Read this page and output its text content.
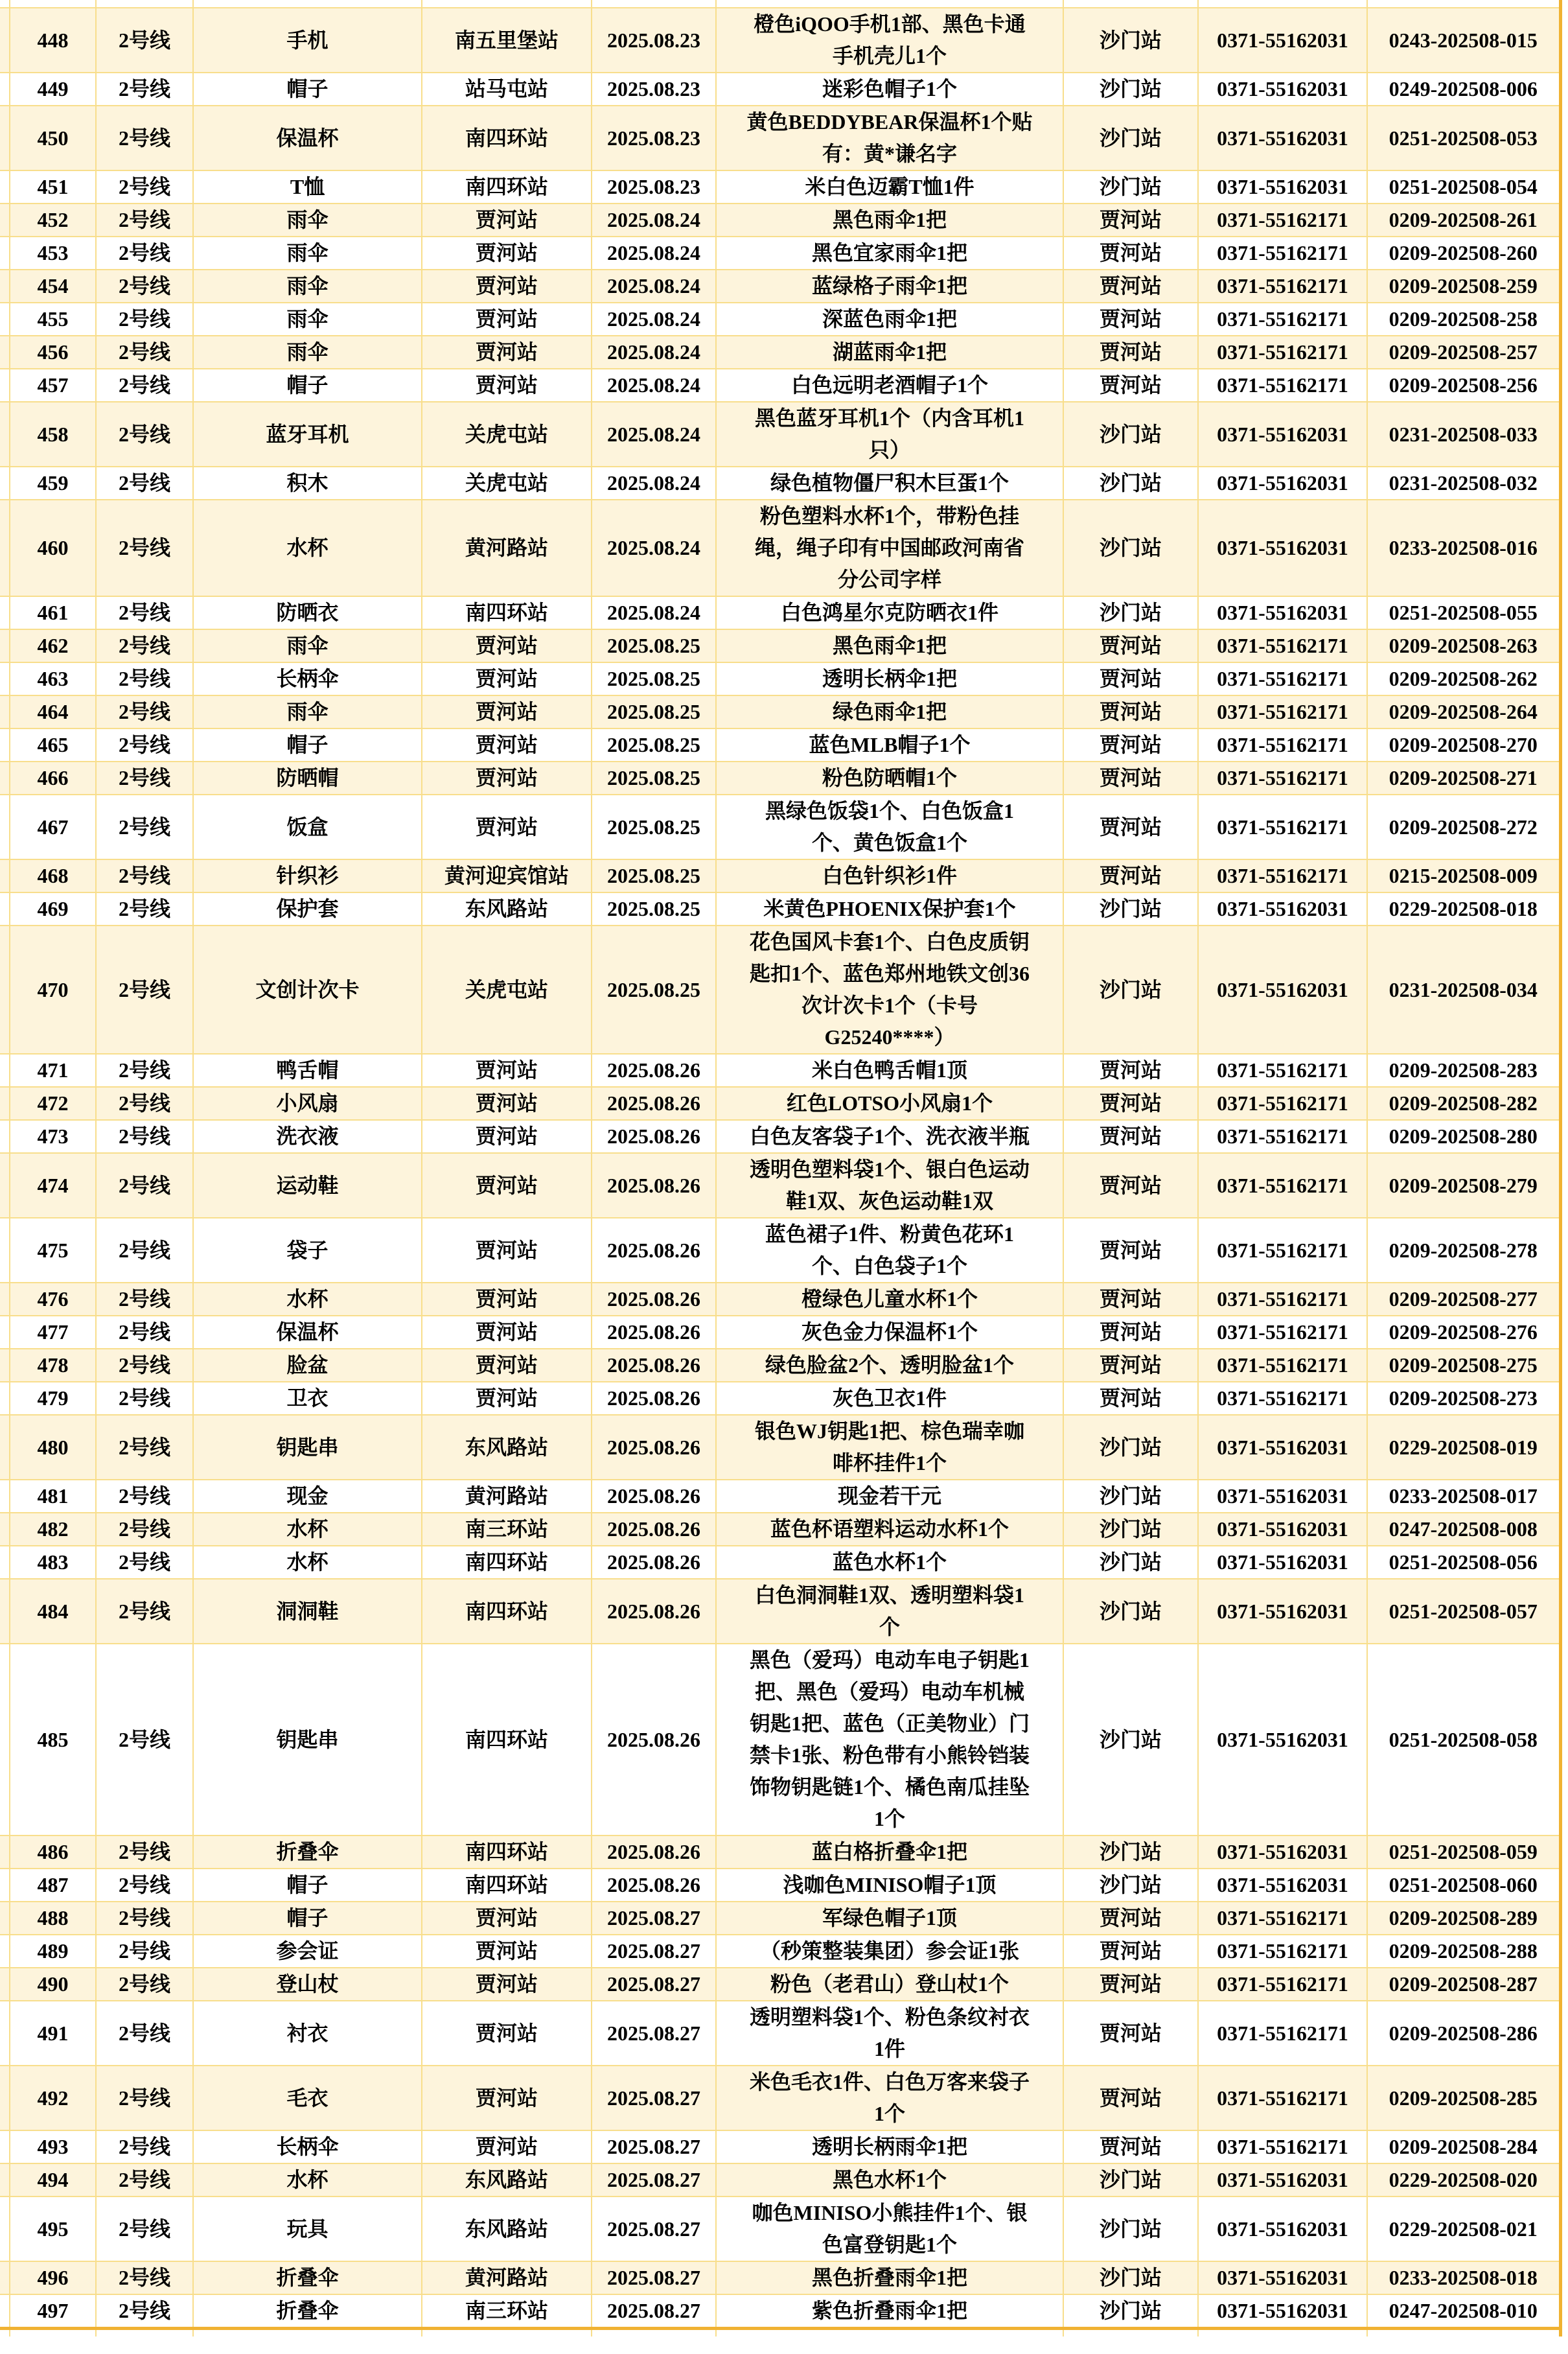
	448	2号线	手机	南五里堡站	2025.08.23	橙色iQOO手机1部、黑色卡通手机壳儿1个	沙门站	0371-55162031	0243-202508-015
	449	2号线	帽子	站马屯站	2025.08.23	迷彩色帽子1个	沙门站	0371-55162031	0249-202508-006
	450	2号线	保温杯	南四环站	2025.08.23	黄色BEDDYBEAR保温杯1个贴有：黄*谦名字	沙门站	0371-55162031	0251-202508-053
	451	2号线	T恤	南四环站	2025.08.23	米白色迈霸T恤1件	沙门站	0371-55162031	0251-202508-054
	452	2号线	雨伞	贾河站	2025.08.24	黑色雨伞1把	贾河站	0371-55162171	0209-202508-261
	453	2号线	雨伞	贾河站	2025.08.24	黑色宜家雨伞1把	贾河站	0371-55162171	0209-202508-260
	454	2号线	雨伞	贾河站	2025.08.24	蓝绿格子雨伞1把	贾河站	0371-55162171	0209-202508-259
	455	2号线	雨伞	贾河站	2025.08.24	深蓝色雨伞1把	贾河站	0371-55162171	0209-202508-258
	456	2号线	雨伞	贾河站	2025.08.24	湖蓝雨伞1把	贾河站	0371-55162171	0209-202508-257
	457	2号线	帽子	贾河站	2025.08.24	白色远明老酒帽子1个	贾河站	0371-55162171	0209-202508-256
	458	2号线	蓝牙耳机	关虎屯站	2025.08.24	黑色蓝牙耳机1个（内含耳机1只）	沙门站	0371-55162031	0231-202508-033
	459	2号线	积木	关虎屯站	2025.08.24	绿色植物僵尸积木巨蛋1个	沙门站	0371-55162031	0231-202508-032
	460	2号线	水杯	黄河路站	2025.08.24	粉色塑料水杯1个，带粉色挂绳，绳子印有中国邮政河南省分公司字样	沙门站	0371-55162031	0233-202508-016
	461	2号线	防晒衣	南四环站	2025.08.24	白色鸿星尔克防晒衣1件	沙门站	0371-55162031	0251-202508-055
	462	2号线	雨伞	贾河站	2025.08.25	黑色雨伞1把	贾河站	0371-55162171	0209-202508-263
	463	2号线	长柄伞	贾河站	2025.08.25	透明长柄伞1把	贾河站	0371-55162171	0209-202508-262
	464	2号线	雨伞	贾河站	2025.08.25	绿色雨伞1把	贾河站	0371-55162171	0209-202508-264
	465	2号线	帽子	贾河站	2025.08.25	蓝色MLB帽子1个	贾河站	0371-55162171	0209-202508-270
	466	2号线	防晒帽	贾河站	2025.08.25	粉色防晒帽1个	贾河站	0371-55162171	0209-202508-271
	467	2号线	饭盒	贾河站	2025.08.25	黑绿色饭袋1个、白色饭盒1个、黄色饭盒1个	贾河站	0371-55162171	0209-202508-272
	468	2号线	针织衫	黄河迎宾馆站	2025.08.25	白色针织衫1件	贾河站	0371-55162171	0215-202508-009
	469	2号线	保护套	东风路站	2025.08.25	米黄色PHOENIX保护套1个	沙门站	0371-55162031	0229-202508-018
	470	2号线	文创计次卡	关虎屯站	2025.08.25	花色国风卡套1个、白色皮质钥匙扣1个、蓝色郑州地铁文创36次计次卡1个（卡号G25240****）	沙门站	0371-55162031	0231-202508-034
	471	2号线	鸭舌帽	贾河站	2025.08.26	米白色鸭舌帽1顶	贾河站	0371-55162171	0209-202508-283
	472	2号线	小风扇	贾河站	2025.08.26	红色LOTSO小风扇1个	贾河站	0371-55162171	0209-202508-282
	473	2号线	洗衣液	贾河站	2025.08.26	白色友客袋子1个、洗衣液半瓶	贾河站	0371-55162171	0209-202508-280
	474	2号线	运动鞋	贾河站	2025.08.26	透明色塑料袋1个、银白色运动鞋1双、灰色运动鞋1双	贾河站	0371-55162171	0209-202508-279
	475	2号线	袋子	贾河站	2025.08.26	蓝色裙子1件、粉黄色花环1个、白色袋子1个	贾河站	0371-55162171	0209-202508-278
	476	2号线	水杯	贾河站	2025.08.26	橙绿色儿童水杯1个	贾河站	0371-55162171	0209-202508-277
	477	2号线	保温杯	贾河站	2025.08.26	灰色金力保温杯1个	贾河站	0371-55162171	0209-202508-276
	478	2号线	脸盆	贾河站	2025.08.26	绿色脸盆2个、透明脸盆1个	贾河站	0371-55162171	0209-202508-275
	479	2号线	卫衣	贾河站	2025.08.26	灰色卫衣1件	贾河站	0371-55162171	0209-202508-273
	480	2号线	钥匙串	东风路站	2025.08.26	银色WJ钥匙1把、棕色瑞幸咖啡杯挂件1个	沙门站	0371-55162031	0229-202508-019
	481	2号线	现金	黄河路站	2025.08.26	现金若干元	沙门站	0371-55162031	0233-202508-017
	482	2号线	水杯	南三环站	2025.08.26	蓝色杯语塑料运动水杯1个	沙门站	0371-55162031	0247-202508-008
	483	2号线	水杯	南四环站	2025.08.26	蓝色水杯1个	沙门站	0371-55162031	0251-202508-056
	484	2号线	洞洞鞋	南四环站	2025.08.26	白色洞洞鞋1双、透明塑料袋1个	沙门站	0371-55162031	0251-202508-057
	485	2号线	钥匙串	南四环站	2025.08.26	黑色（爱玛）电动车电子钥匙1把、黑色（爱玛）电动车机械钥匙1把、蓝色（正美物业）门禁卡1张、粉色带有小熊铃铛装饰物钥匙链1个、橘色南瓜挂坠1个	沙门站	0371-55162031	0251-202508-058
	486	2号线	折叠伞	南四环站	2025.08.26	蓝白格折叠伞1把	沙门站	0371-55162031	0251-202508-059
	487	2号线	帽子	南四环站	2025.08.26	浅咖色MINISO帽子1顶	沙门站	0371-55162031	0251-202508-060
	488	2号线	帽子	贾河站	2025.08.27	军绿色帽子1顶	贾河站	0371-55162171	0209-202508-289
	489	2号线	参会证	贾河站	2025.08.27	（秒策整装集团）参会证1张	贾河站	0371-55162171	0209-202508-288
	490	2号线	登山杖	贾河站	2025.08.27	粉色（老君山）登山杖1个	贾河站	0371-55162171	0209-202508-287
	491	2号线	衬衣	贾河站	2025.08.27	透明塑料袋1个、粉色条纹衬衣1件	贾河站	0371-55162171	0209-202508-286
	492	2号线	毛衣	贾河站	2025.08.27	米色毛衣1件、白色万客来袋子1个	贾河站	0371-55162171	0209-202508-285
	493	2号线	长柄伞	贾河站	2025.08.27	透明长柄雨伞1把	贾河站	0371-55162171	0209-202508-284
	494	2号线	水杯	东风路站	2025.08.27	黑色水杯1个	沙门站	0371-55162031	0229-202508-020
	495	2号线	玩具	东风路站	2025.08.27	咖色MINISO小熊挂件1个、银色富登钥匙1个	沙门站	0371-55162031	0229-202508-021
	496	2号线	折叠伞	黄河路站	2025.08.27	黑色折叠雨伞1把	沙门站	0371-55162031	0233-202508-018
	497	2号线	折叠伞	南三环站	2025.08.27	紫色折叠雨伞1把	沙门站	0371-55162031	0247-202508-010
